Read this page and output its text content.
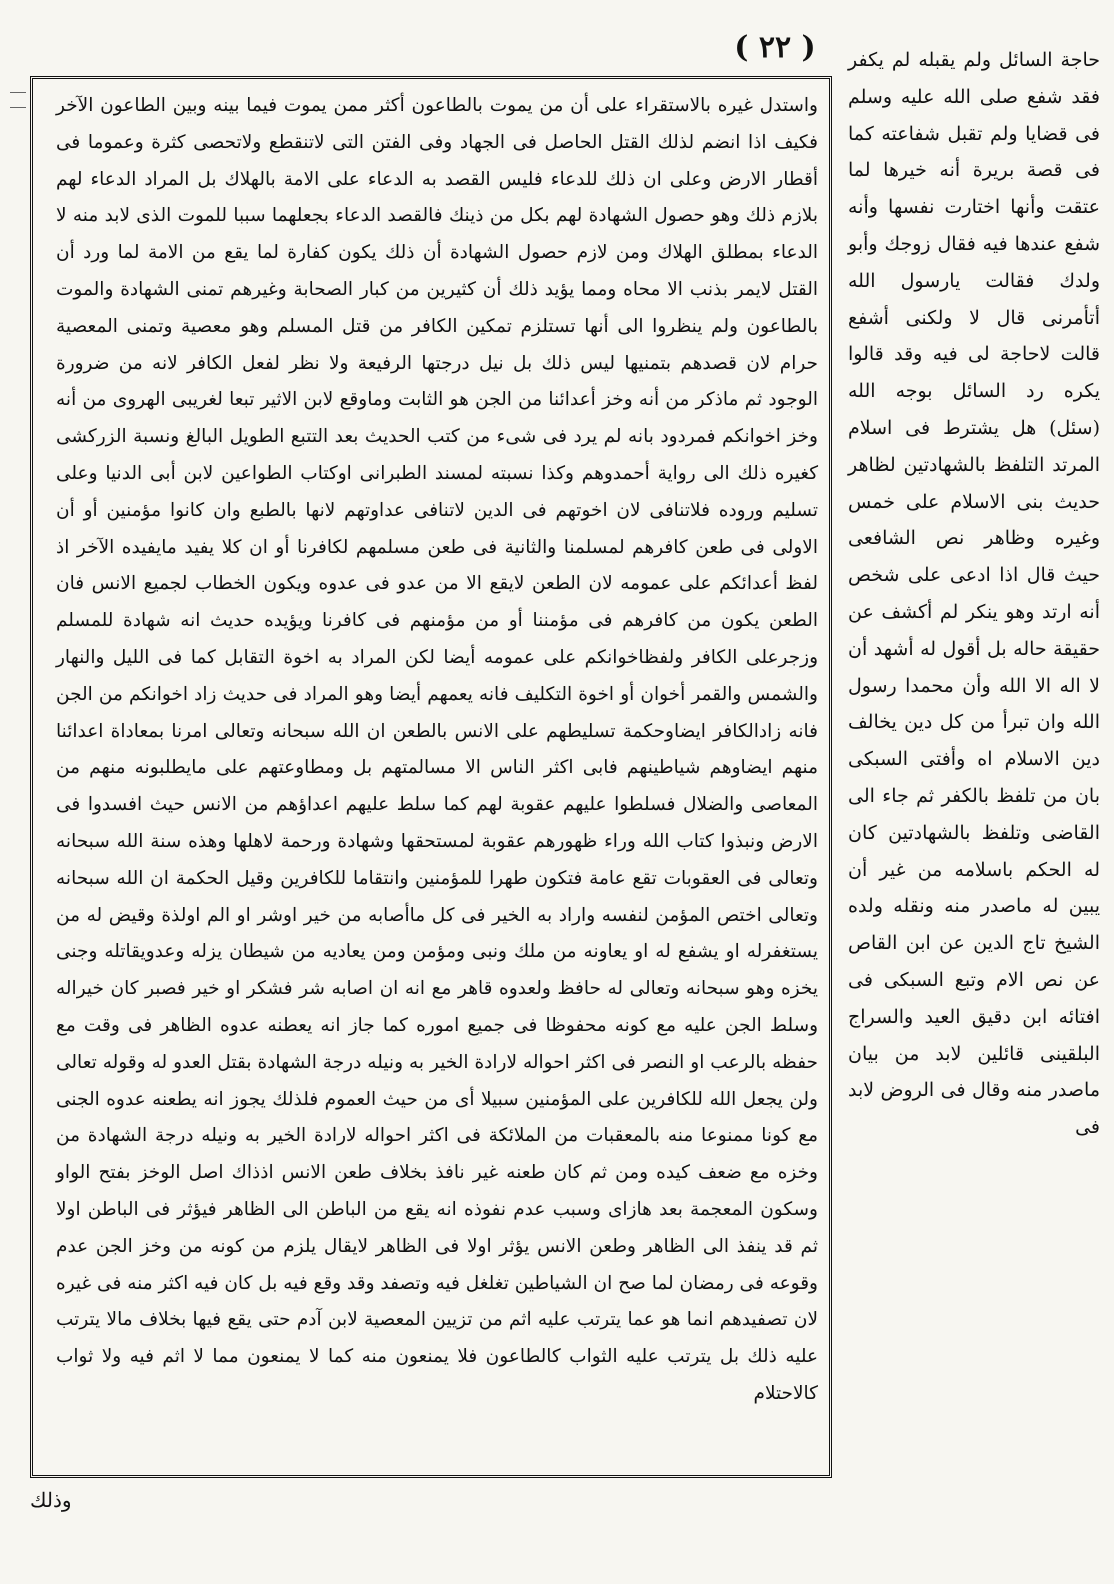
( ٢٢ )

واستدل غيره بالاستقراء على أن من يموت بالطاعون أكثر ممن يموت فيما بينه وبين الطاعون الآخر فكيف اذا انضم لذلك القتل الحاصل فى الجهاد وفى الفتن التى لاتنقطع ولاتحصى كثرة وعموما فى أقطار الارض وعلى ان ذلك للدعاء فليس القصد به الدعاء على الامة بالهلاك بل المراد الدعاء لهم بلازم ذلك وهو حصول الشهادة لهم بكل من ذينك فالقصد الدعاء بجعلهما سببا للموت الذى لابد منه لا الدعاء بمطلق الهلاك ومن لازم حصول الشهادة أن ذلك يكون كفارة لما يقع من الامة لما ورد أن القتل لايمر بذنب الا محاه ومما يؤيد ذلك أن كثيرين من كبار الصحابة وغيرهم تمنى الشهادة والموت بالطاعون ولم ينظروا الى أنها تستلزم تمكين الكافر من قتل المسلم وهو معصية وتمنى المعصية حرام لان قصدهم بتمنيها ليس ذلك بل نيل درجتها الرفيعة ولا نظر لفعل الكافر لانه من ضرورة الوجود ثم ماذكر من أنه وخز أعدائنا من الجن هو الثابت وماوقع لابن الاثير تبعا لغريبى الهروى من أنه وخز اخوانكم فمردود بانه لم يرد فى شىء من كتب الحديث بعد التتبع الطويل البالغ ونسبة الزركشى كغيره ذلك الى رواية أحمدوهم وكذا نسبته لمسند الطبرانى اوكتاب الطواعين لابن أبى الدنيا وعلى تسليم وروده فلاتنافى لان اخوتهم فى الدين لاتنافى عداوتهم لانها بالطبع وان كانوا مؤمنين أو أن الاولى فى طعن كافرهم لمسلمنا والثانية فى طعن مسلمهم لكافرنا أو ان كلا يفيد مايفيده الآخر اذ لفظ أعدائكم على عمومه لان الطعن لايقع الا من عدو فى عدوه ويكون الخطاب لجميع الانس فان الطعن يكون من كافرهم فى مؤمننا أو من مؤمنهم فى كافرنا ويؤيده حديث انه شهادة للمسلم وزجرعلى الكافر ولفظاخوانكم على عمومه أيضا لكن المراد به اخوة التقابل كما فى الليل والنهار والشمس والقمر أخوان أو اخوة التكليف فانه يعمهم أيضا وهو المراد فى حديث زاد اخوانكم من الجن فانه زادالكافر ايضاوحكمة تسليطهم على الانس بالطعن ان الله سبحانه وتعالى امرنا بمعاداة اعدائنا منهم ايضاوهم شياطينهم فابى اكثر الناس الا مسالمتهم بل ومطاوعتهم على مايطلبونه منهم من المعاصى والضلال فسلطوا عليهم عقوبة لهم كما سلط عليهم اعداؤهم من الانس حيث افسدوا فى الارض ونبذوا كتاب الله وراء ظهورهم عقوبة لمستحقها وشهادة ورحمة لاهلها وهذه سنة الله سبحانه وتعالى فى العقوبات تقع عامة فتكون طهرا للمؤمنين وانتقاما للكافرين وقيل الحكمة ان الله سبحانه وتعالى اختص المؤمن لنفسه واراد به الخير فى كل ماأصابه من خير اوشر او الم اولذة وقيض له من يستغفرله او يشفع له او يعاونه من ملك ونبى ومؤمن ومن يعاديه من شيطان يزله وعدويقاتله وجنى يخزه وهو سبحانه وتعالى له حافظ ولعدوه قاهر مع انه ان اصابه شر فشكر او خير فصبر كان خيراله وسلط الجن عليه مع كونه محفوظا فى جميع اموره كما جاز انه يعطنه عدوه الظاهر فى وقت مع حفظه بالرعب او النصر فى اكثر احواله لارادة الخير به ونيله درجة الشهادة بقتل العدو له وقوله تعالى ولن يجعل الله للكافرين على المؤمنين سبيلا أى من حيث العموم فلذلك يجوز انه يطعنه عدوه الجنى مع كونا ممنوعا منه بالمعقبات من الملائكة فى اكثر احواله لارادة الخير به ونيله درجة الشهادة من وخزه مع ضعف كيده ومن ثم كان طعنه غير نافذ بخلاف طعن الانس اذذاك اصل الوخز بفتح الواو وسكون المعجمة بعد هازاى وسبب عدم نفوذه انه يقع من الباطن الى الظاهر فيؤثر فى الباطن اولا ثم قد ينفذ الى الظاهر وطعن الانس يؤثر اولا فى الظاهر لايقال يلزم من كونه من وخز الجن عدم وقوعه فى رمضان لما صح ان الشياطين تغلغل فيه وتصفد وقد وقع فيه بل كان فيه اكثر منه فى غيره لان تصفيدهم انما هو عما يترتب عليه اثم من تزيين المعصية لابن آدم حتى يقع فيها بخلاف مالا يترتب عليه ذلك بل يترتب عليه الثواب كالطاعون فلا يمنعون منه كما لا يمنعون مما لا اثم فيه ولا ثواب كالاحتلام

حاجة السائل ولم يقبله لم يكفر فقد شفع صلى الله عليه وسلم فى قضايا ولم تقبل شفاعته كما فى قصة بريرة أنه خيرها لما عتقت وأنها اختارت نفسها وأنه شفع عندها فيه فقال زوجك وأبو ولدك فقالت يارسول الله أتأمرنى قال لا ولكنى أشفع قالت لاحاجة لى فيه وقد قالوا يكره رد السائل بوجه الله (سئل) هل يشترط فى اسلام المرتد التلفظ بالشهادتين لظاهر حديث بنى الاسلام على خمس وغيره وظاهر نص الشافعى حيث قال اذا ادعى على شخص أنه ارتد وهو ينكر لم أكشف عن حقيقة حاله بل أقول له أشهد أن لا اله الا الله وأن محمدا رسول الله وان تبرأ من كل دين يخالف دين الاسلام اه وأفتى السبكى بان من تلفظ بالكفر ثم جاء الى القاضى وتلفظ بالشهادتين كان له الحكم باسلامه من غير أن يبين له ماصدر منه ونقله ولده الشيخ تاج الدين عن ابن القاص عن نص الام وتبع السبكى فى افتائه ابن دقيق العيد والسراج البلقينى قائلين لابد من بيان ماصدر منه وقال فى الروض لابد فى

وذلك
